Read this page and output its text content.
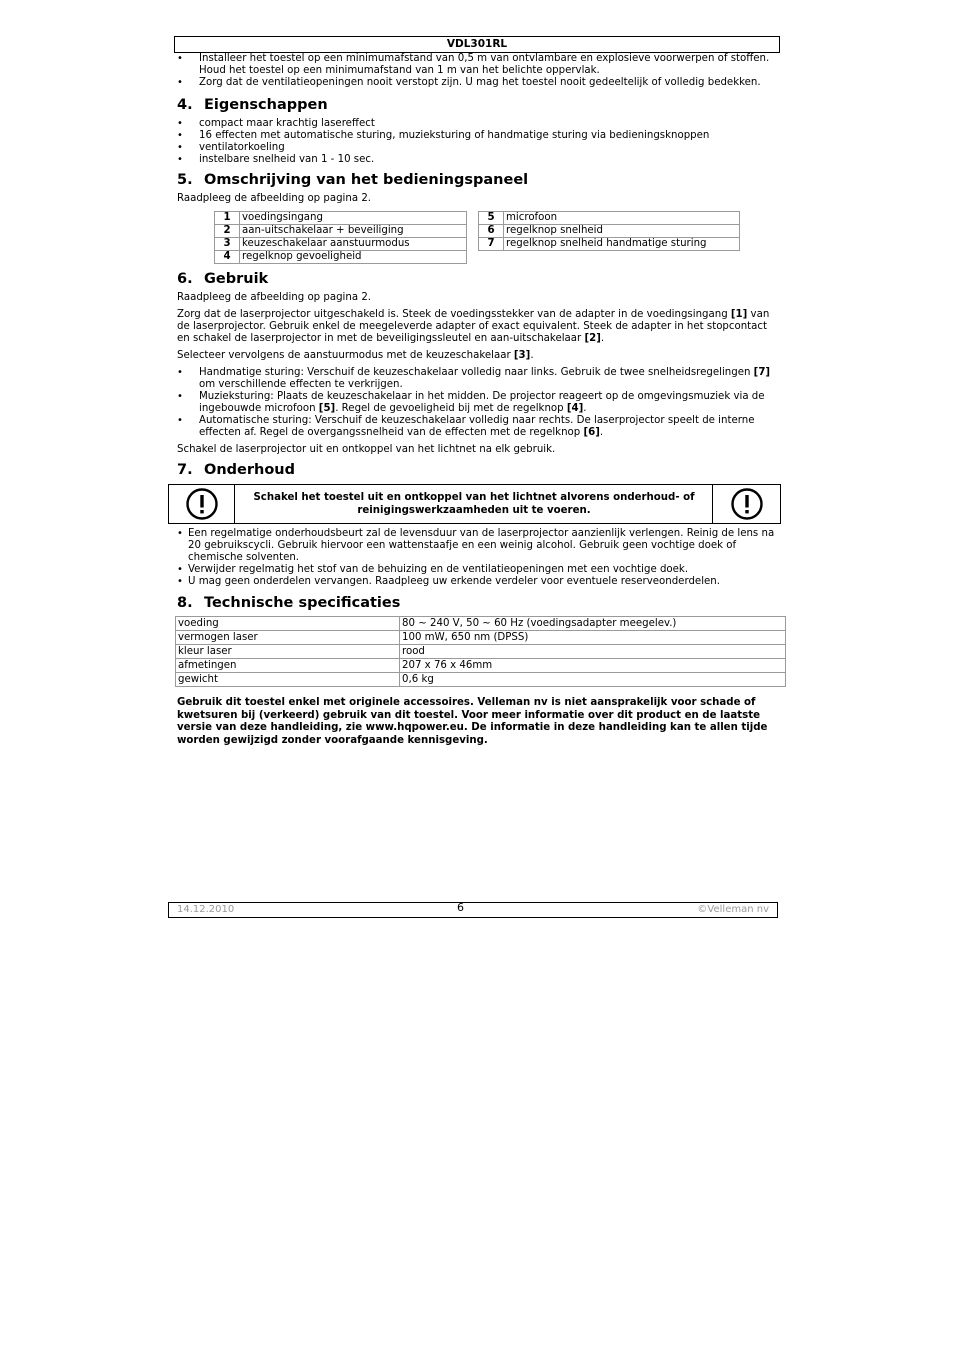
VDL301RL
• Installeer het toestel op een minimumafstand van 0,5 m van ontvlambare en explosieve voorwerpen of stoffen. Houd het toestel op een minimumafstand van 1 m van het belichte oppervlak.
• Zorg dat de ventilatieopeningen nooit verstopt zijn. U mag het toestel nooit gedeeltelijk of volledig bedekken.
4. Eigenschappen
• compact maar krachtig lasereffect
• 16 effecten met automatische sturing, muzieksturing of handmatige sturing via bedieningsknoppen
• ventilatorkoeling
• instelbare snelheid van 1 - 10 sec.
5. Omschrijving van het bedieningspaneel

Raadpleeg de afbeelding op pagina 2.

1	voedingsingang
2	aan-uitschakelaar + beveiliging
3	keuzeschakelaar aanstuurmodus
4	regelknop gevoeligheid
5	microfoon
6	regelknop snelheid
7	regelknop snelheid handmatige sturing
6. Gebruik

Raadpleeg de afbeelding op pagina 2.

Zorg dat de laserprojector uitgeschakeld is. Steek de voedingsstekker van de adapter in de voedingsingang [1] van de laserprojector. Gebruik enkel de meegeleverde adapter of exact equivalent. Steek de adapter in het stopcontact en schakel de laserprojector in met de beveiligingssleutel en aan-uitschakelaar [2].

Selecteer vervolgens de aanstuurmodus met de keuzeschakelaar [3].

• Handmatige sturing: Verschuif de keuzeschakelaar volledig naar links. Gebruik de twee snelheidsregelingen [7] om verschillende effecten te verkrijgen.
• Muzieksturing: Plaats de keuzeschakelaar in het midden. De projector reageert op de omgevingsmuziek via de ingebouwde microfoon [5]. Regel de gevoeligheid bij met de regelknop [4].
• Automatische sturing: Verschuif de keuzeschakelaar volledig naar rechts. De laserprojector speelt de interne effecten af. Regel de overgangssnelheid van de effecten met de regelknop [6].

Schakel de laserprojector uit en ontkoppel van het lichtnet na elk gebruik.

7. Onderhoud
Schakel het toestel uit en ontkoppel van het lichtnet alvorens onderhoud- of reinigingswerkzaamheden uit te voeren.
• Een regelmatige onderhoudsbeurt zal de levensduur van de laserprojector aanzienlijk verlengen. Reinig de lens na 20 gebruikscycli. Gebruik hiervoor een wattenstaafje en een weinig alcohol. Gebruik geen vochtige doek of chemische solventen.
• Verwijder regelmatig het stof van de behuizing en de ventilatieopeningen met een vochtige doek.
• U mag geen onderdelen vervangen. Raadpleeg uw erkende verdeler voor eventuele reserveonderdelen.
8. Technische specificaties
voeding	80 ~ 240 V, 50 ~ 60 Hz (voedingsadapter meegelev.)
vermogen laser	100 mW, 650 nm (DPSS)
kleur laser	rood
afmetingen	207 x 76 x 46mm
gewicht	0,6 kg
Gebruik dit toestel enkel met originele accessoires. Velleman nv is niet aansprakelijk voor schade of kwetsuren bij (verkeerd) gebruik van dit toestel. Voor meer informatie over dit product en de laatste versie van deze handleiding, zie www.hqpower.eu. De informatie in deze handleiding kan te allen tijde worden gewijzigd zonder voorafgaande kennisgeving.
14.12.2010	6	©Velleman nv
